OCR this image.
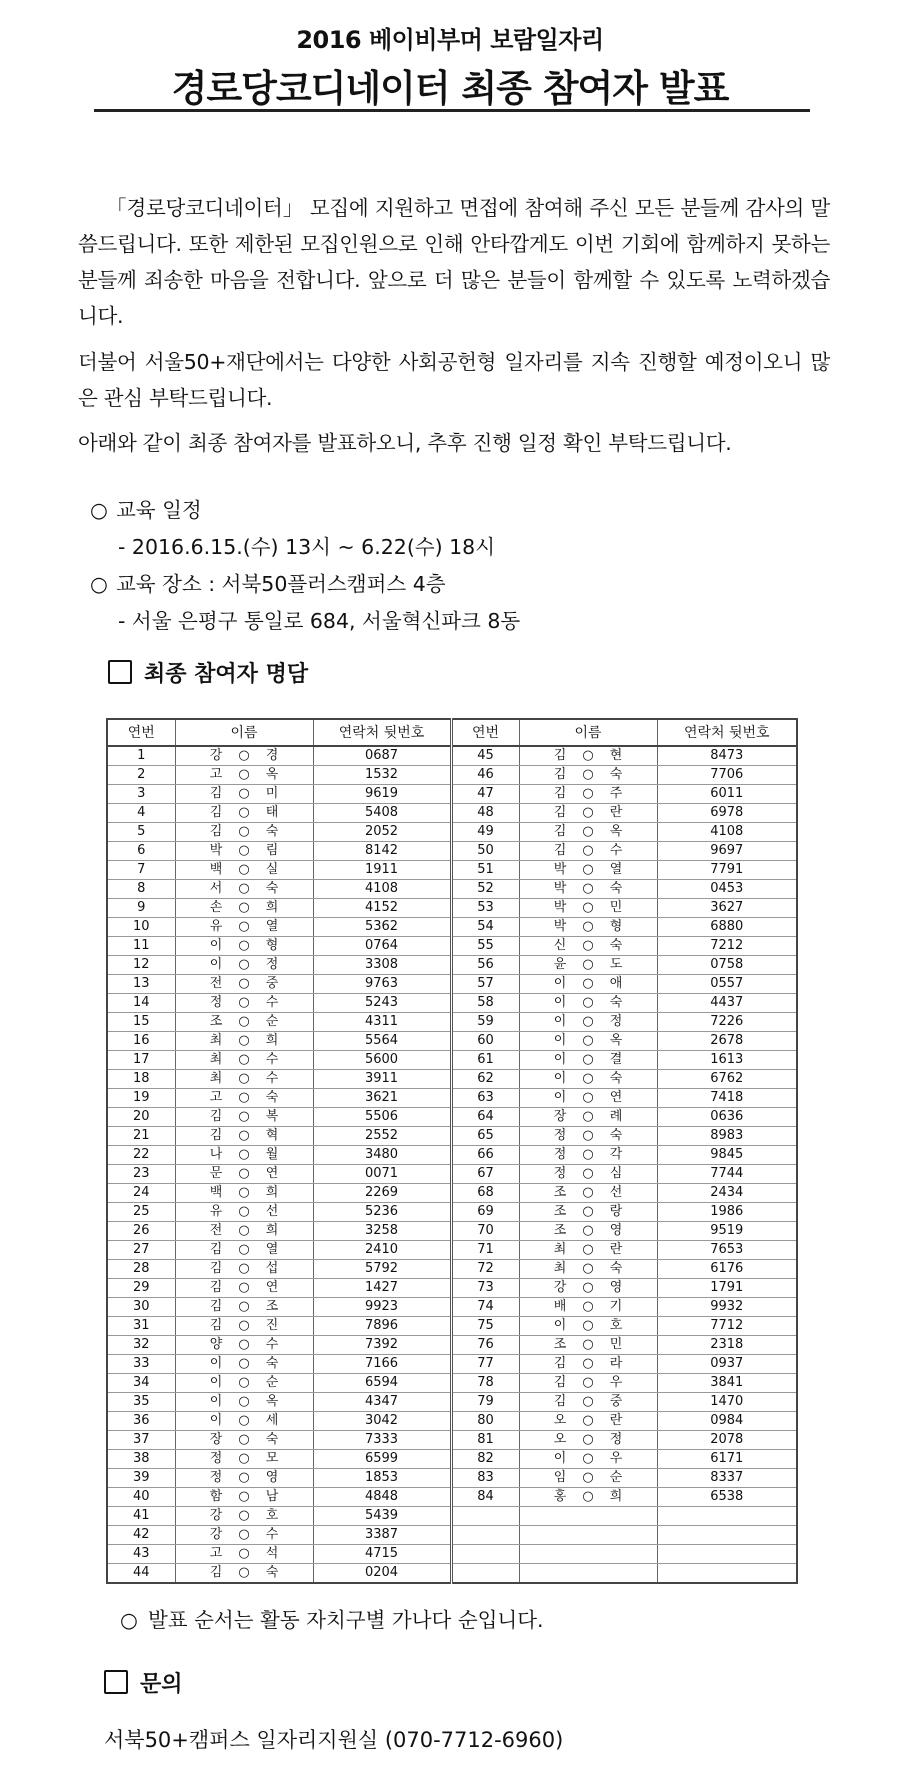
2016 베이비부머 보람일자리
경로당코디네이터 최종 참여자 발표

「경로당코디네이터」 모집에 지원하고 면접에 참여해 주신 모든 분들께 감사의 말씀드립니다. 또한 제한된 모집인원으로 인해 안타깝게도 이번 기회에 함께하지 못하는 분들께 죄송한 마음을 전합니다. 앞으로 더 많은 분들이 함께할 수 있도록 노력하겠습니다.

더불어 서울50+재단에서는 다양한 사회공헌형 일자리를 지속 진행할 예정이오니 많은 관심 부탁드립니다.

아래와 같이 최종 참여자를 발표하오니, 추후 진행 일정 확인 부탁드립니다.

○ 교육 일정
- 2016.6.15.(수) 13시 ~ 6.22(수) 18시
○ 교육 장소 : 서북50플러스캠퍼스 4층
- 서울 은평구 통일로 684, 서울혁신파크 8동
최종 참여자 명담
연번	이름	연락처 뒷번호	연번	이름	연락처 뒷번호
1	강 ○ 경	0687	45	김 ○ 현	8473
2	고 ○ 옥	1532	46	김 ○ 숙	7706
3	김 ○ 미	9619	47	김 ○ 주	6011
4	김 ○ 태	5408	48	김 ○ 란	6978
5	김 ○ 숙	2052	49	김 ○ 옥	4108
6	박 ○ 림	8142	50	김 ○ 수	9697
7	백 ○ 실	1911	51	박 ○ 열	7791
8	서 ○ 숙	4108	52	박 ○ 숙	0453
9	손 ○ 희	4152	53	박 ○ 민	3627
10	유 ○ 열	5362	54	박 ○ 형	6880
11	이 ○ 형	0764	55	신 ○ 숙	7212
12	이 ○ 정	3308	56	윤 ○ 도	0758
13	전 ○ 중	9763	57	이 ○ 애	0557
14	정 ○ 수	5243	58	이 ○ 숙	4437
15	조 ○ 순	4311	59	이 ○ 정	7226
16	최 ○ 희	5564	60	이 ○ 옥	2678
17	최 ○ 수	5600	61	이 ○ 결	1613
18	최 ○ 수	3911	62	이 ○ 숙	6762
19	고 ○ 숙	3621	63	이 ○ 연	7418
20	김 ○ 복	5506	64	장 ○ 례	0636
21	김 ○ 혁	2552	65	정 ○ 숙	8983
22	나 ○ 월	3480	66	정 ○ 각	9845
23	문 ○ 연	0071	67	정 ○ 심	7744
24	백 ○ 희	2269	68	조 ○ 선	2434
25	유 ○ 선	5236	69	조 ○ 랑	1986
26	전 ○ 희	3258	70	조 ○ 영	9519
27	김 ○ 열	2410	71	최 ○ 란	7653
28	김 ○ 섭	5792	72	최 ○ 숙	6176
29	김 ○ 연	1427	73	강 ○ 영	1791
30	김 ○ 조	9923	74	배 ○ 기	9932
31	김 ○ 진	7896	75	이 ○ 호	7712
32	양 ○ 수	7392	76	조 ○ 민	2318
33	이 ○ 숙	7166	77	김 ○ 라	0937
34	이 ○ 순	6594	78	김 ○ 우	3841
35	이 ○ 옥	4347	79	김 ○ 중	1470
36	이 ○ 세	3042	80	오 ○ 란	0984
37	장 ○ 숙	7333	81	오 ○ 정	2078
38	정 ○ 모	6599	82	이 ○ 우	6171
39	정 ○ 영	1853	83	임 ○ 순	8337
40	함 ○ 남	4848	84	홍 ○ 희	6538
41	강 ○ 호	5439			
42	강 ○ 수	3387			
43	고 ○ 석	4715			
44	김 ○ 숙	0204			
○ 발표 순서는 활동 자치구별 가나다 순입니다.
문의
서북50+캠퍼스 일자리지원실 (070-7712-6960)
